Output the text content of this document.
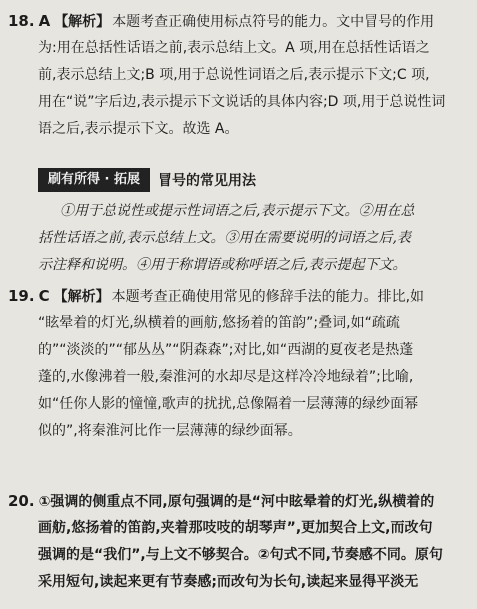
18. A 【解析】 本题考查正确使用标点符号的能力。文中冒号的作用
为:用在总括性话语之前,表示总结上文。A 项,用在总括性话语之
前,表示总结上文;B 项,用于总说性词语之后,表示提示下文;C 项,
用在“说”字后边,表示提示下文说话的具体内容;D 项,用于总说性词
语之后,表示提示下文。故选 A。
刷有所得 · 拓展	冒号的常见用法
①用于总说性或提示性词语之后,表示提示下文。②用在总
括性话语之前,表示总结上文。③用在需要说明的词语之后,表
示注释和说明。④用于称谓语或称呼语之后,表示提起下文。
19. C 【解析】 本题考查正确使用常见的修辞手法的能力。排比,如
“眩晕着的灯光,纵横着的画舫,悠扬着的笛韵”;叠词,如“疏疏
的”“淡淡的”“郁丛丛”“阴森森”;对比,如“西湖的夏夜老是热蓬
蓬的,水像沸着一般,秦淮河的水却尽是这样冷冷地绿着”;比喻,
如“任你人影的憧憧,歌声的扰扰,总像隔着一层薄薄的绿纱面幂
似的”,将秦淮河比作一层薄薄的绿纱面幂。
20. ①强调的侧重点不同,原句强调的是“河中眩晕着的灯光,纵横着的
画舫,悠扬着的笛韵,夹着那吱吱的胡琴声”,更加契合上文,而改句
强调的是“我们”,与上文不够契合。②句式不同,节奏感不同。原句
采用短句,读起来更有节奏感;而改句为长句,读起来显得平淡无
